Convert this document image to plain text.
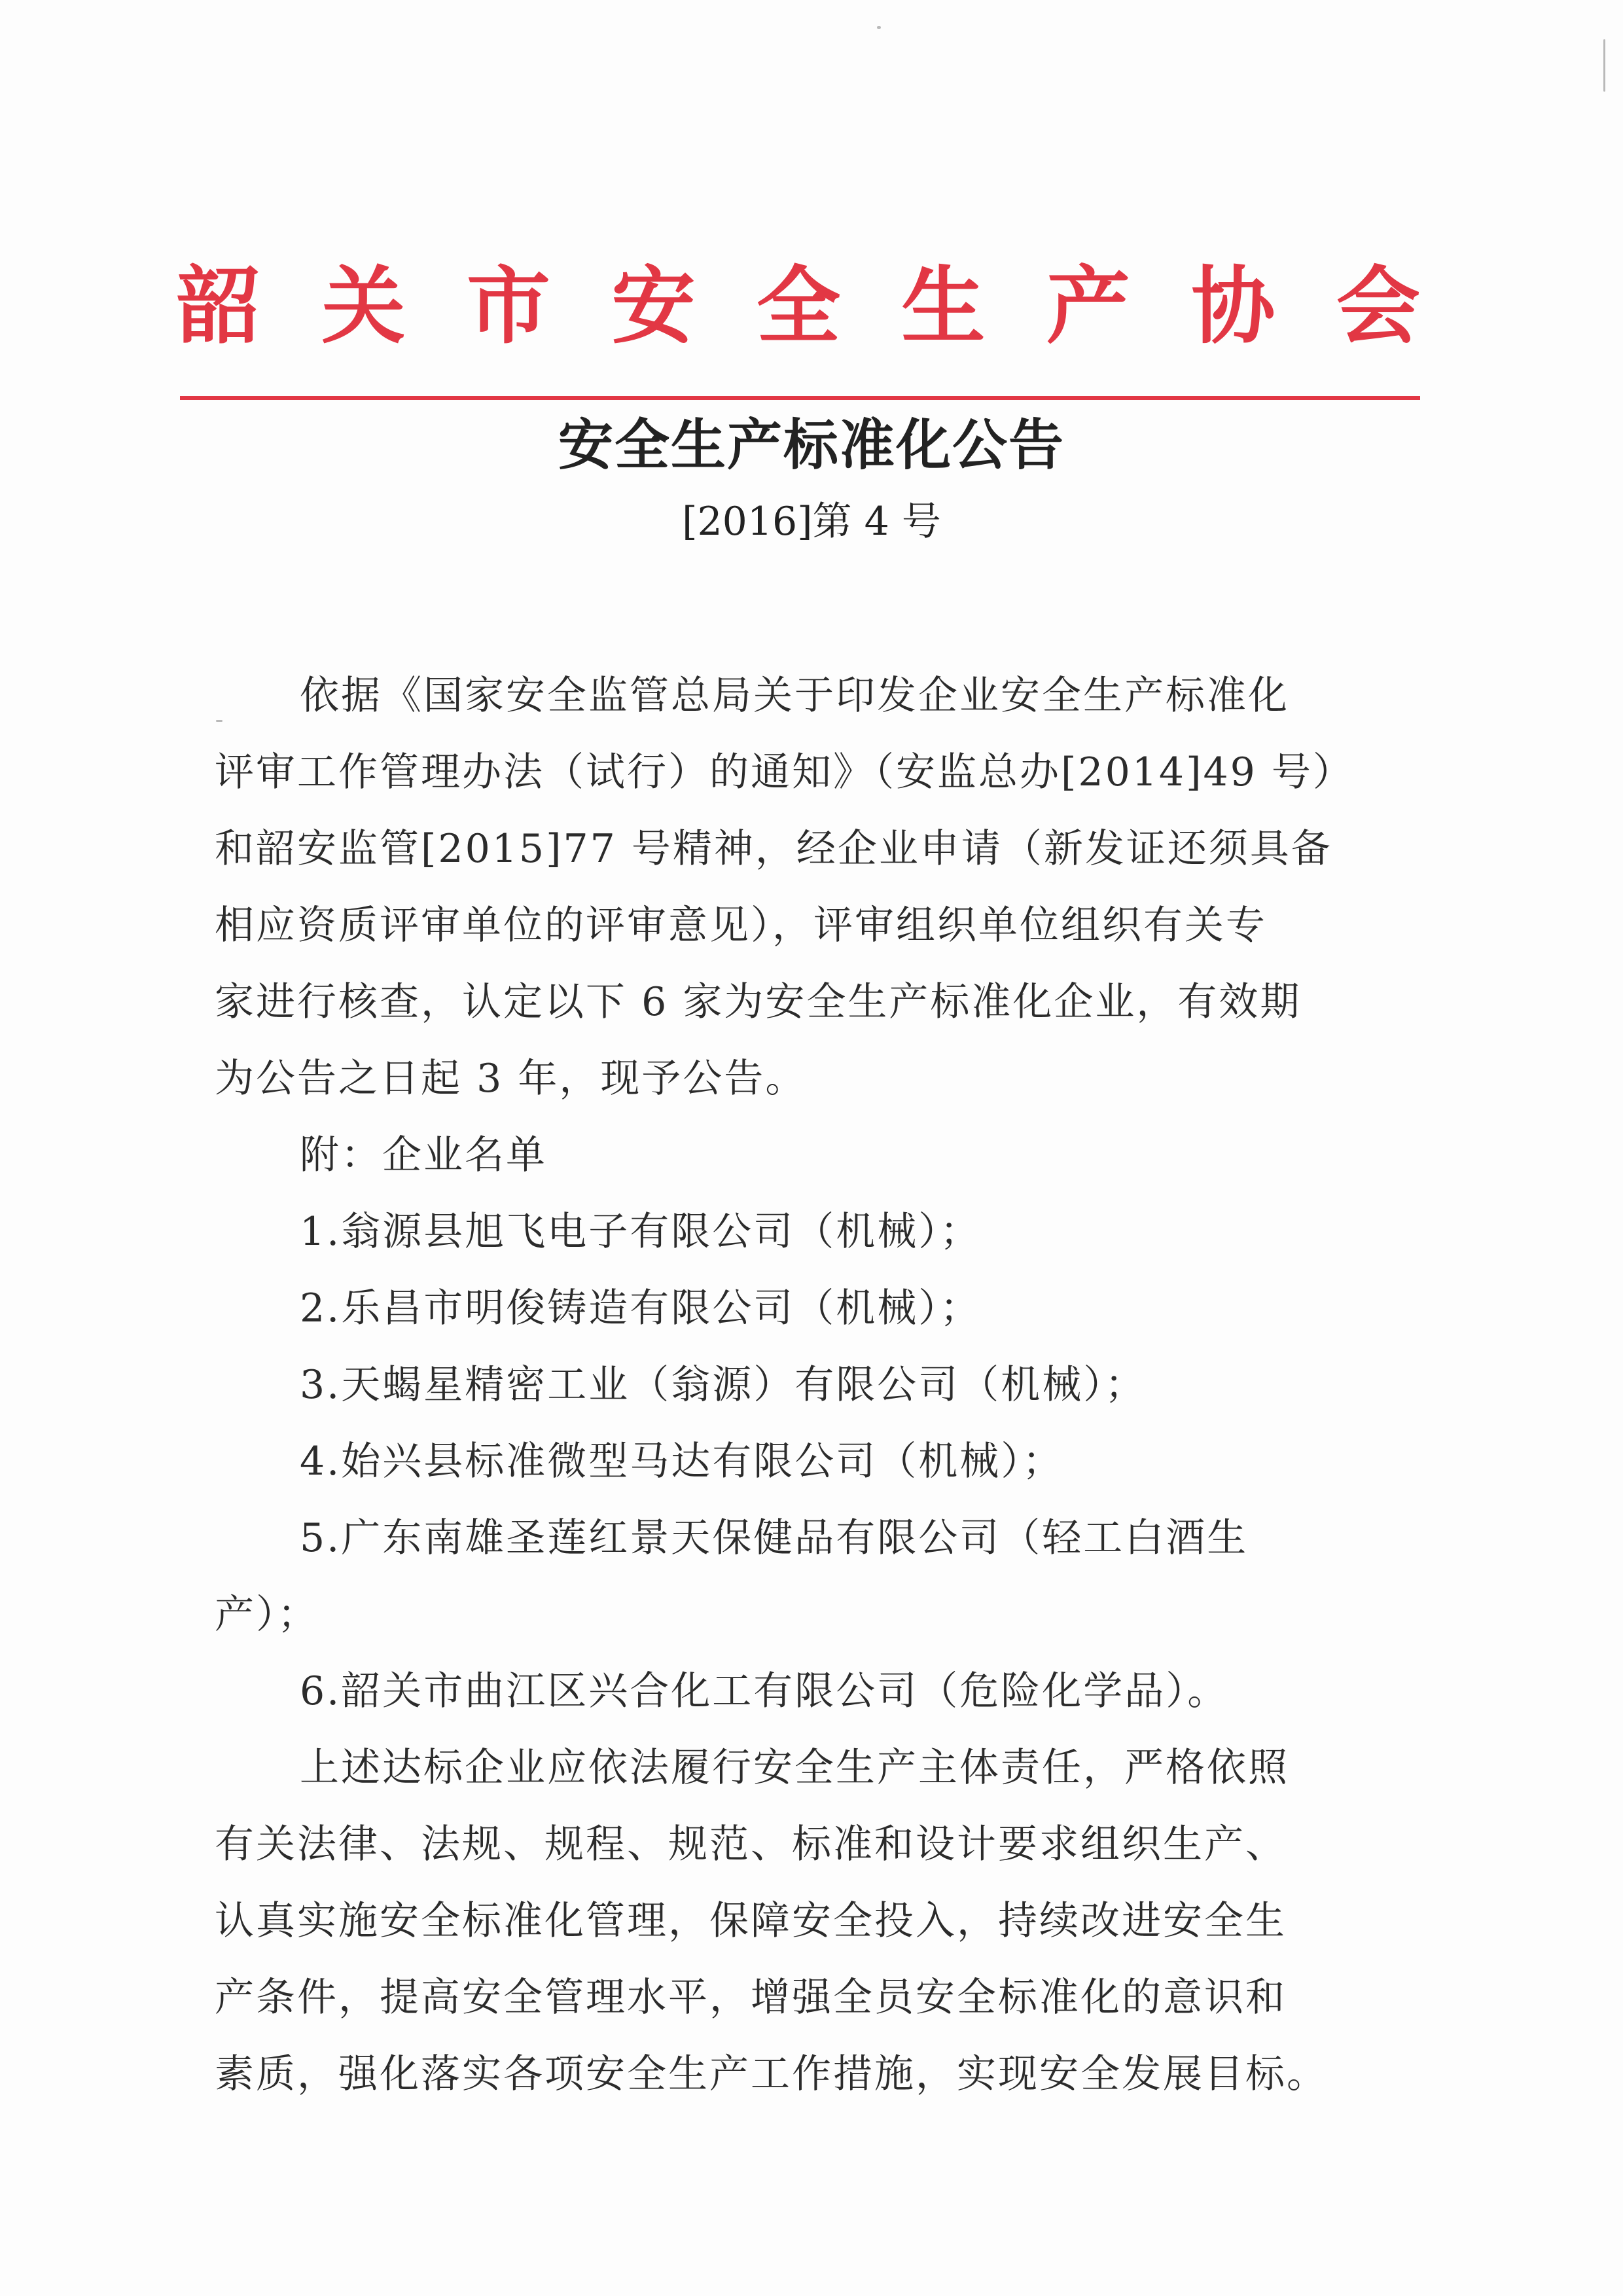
韶 关 市 安 全 生 产 协 会
安全生产标准化公告
[2016]第 4 号

依据《国家安全监管总局关于印发企业安全生产标准化

评审工作管理办法（试行）的通知》（安监总办[2014]49 号）
和韶安监管[2015]77 号精神，经企业申请（新发证还须具备
相应资质评审单位的评审意见），评审组织单位组织有关专
家进行核查，认定以下 6 家为安全生产标准化企业，有效期
为公告之日起 3 年，现予公告。

附：企业名单

1.翁源县旭飞电子有限公司（机械）；

2.乐昌市明俊铸造有限公司（机械）；

3.天蝎星精密工业（翁源）有限公司（机械）；

4.始兴县标准微型马达有限公司（机械）；

5.广东南雄圣莲红景天保健品有限公司（轻工白酒生

产）；

6.韶关市曲江区兴合化工有限公司（危险化学品）。

上述达标企业应依法履行安全生产主体责任，严格依照

有关法律、法规、规程、规范、标准和设计要求组织生产、
认真实施安全标准化管理，保障安全投入，持续改进安全生
产条件，提高安全管理水平，增强全员安全标准化的意识和
素质，强化落实各项安全生产工作措施，实现安全发展目标。
